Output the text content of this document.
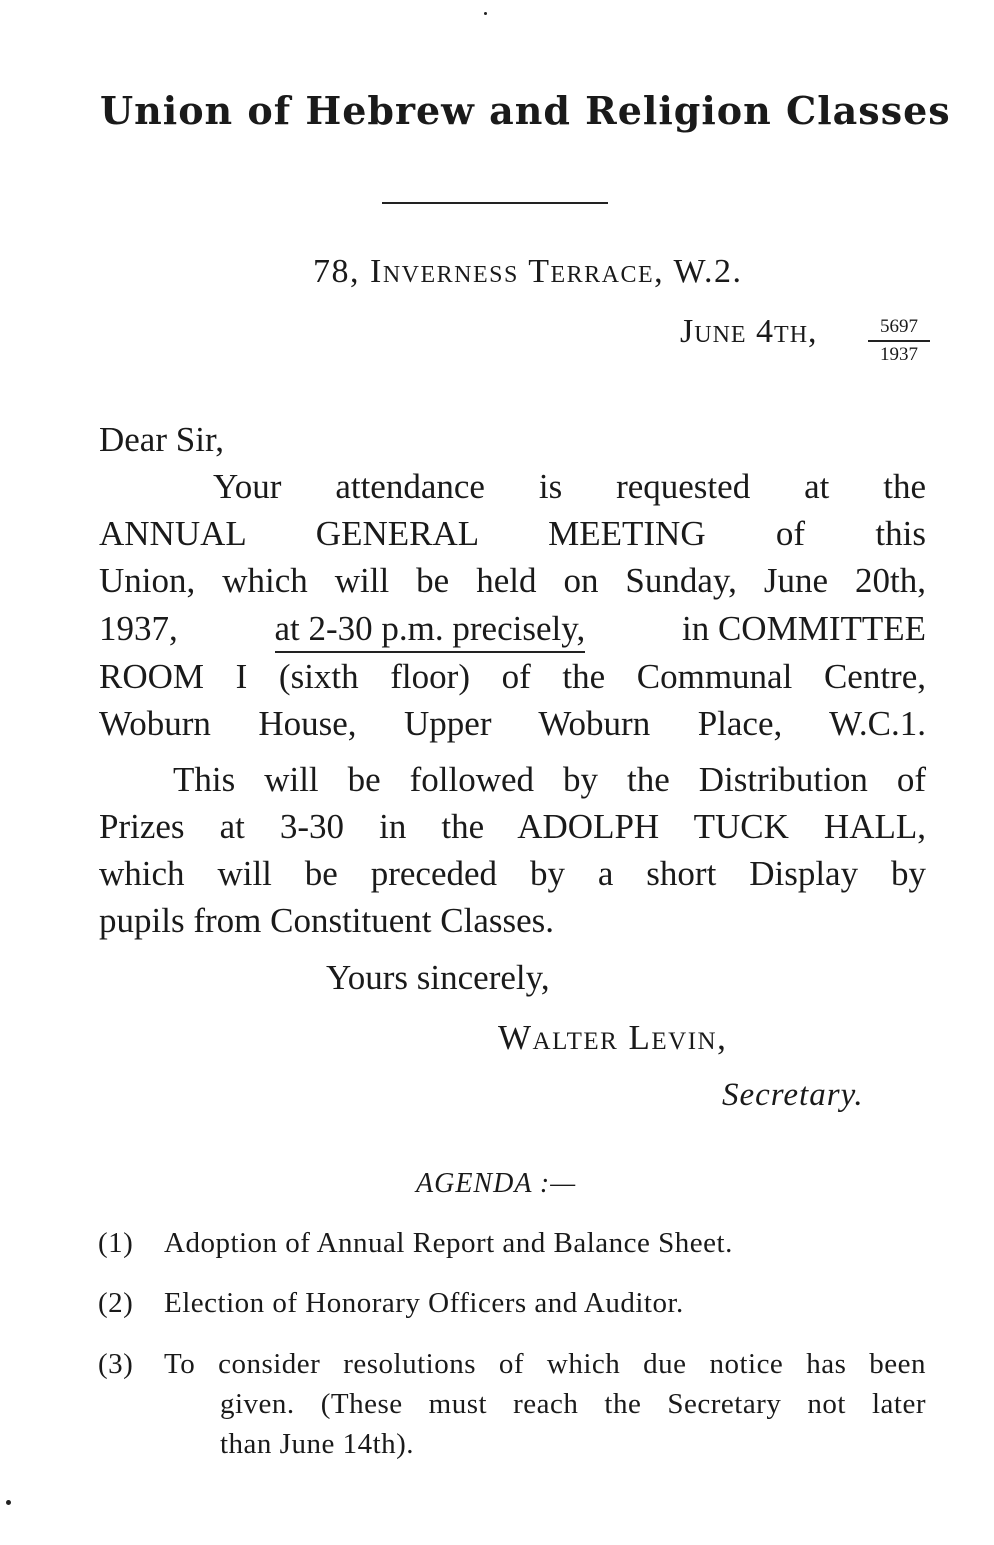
Union of Hebrew and Religion Classes
78, Inverness Terrace, W.2.
June 4th,	$\frac{5697}{1937}$
Dear Sir,
Your attendance is requested at the
ANNUAL GENERAL MEETING of this
Union, which will be held on Sunday, June 20th,
1937,	at 2-30 p.m. precisely,	in COMMITTEE
ROOM I (sixth floor) of the Communal Centre,
Woburn House, Upper Woburn Place, W.C.1.
This will be followed by the Distribution of
Prizes at 3-30 in the ADOLPH TUCK HALL,
which will be preceded by a short Display by
pupils from Constituent Classes.
Yours sincerely,
Walter Levin,
Secretary.
AGENDA :—
(1) Adoption of Annual Report and Balance Sheet.
(2) Election of Honorary Officers and Auditor.
(3) To consider resolutions of which due notice has been
given. (These must reach the Secretary not later
than June 14th).
